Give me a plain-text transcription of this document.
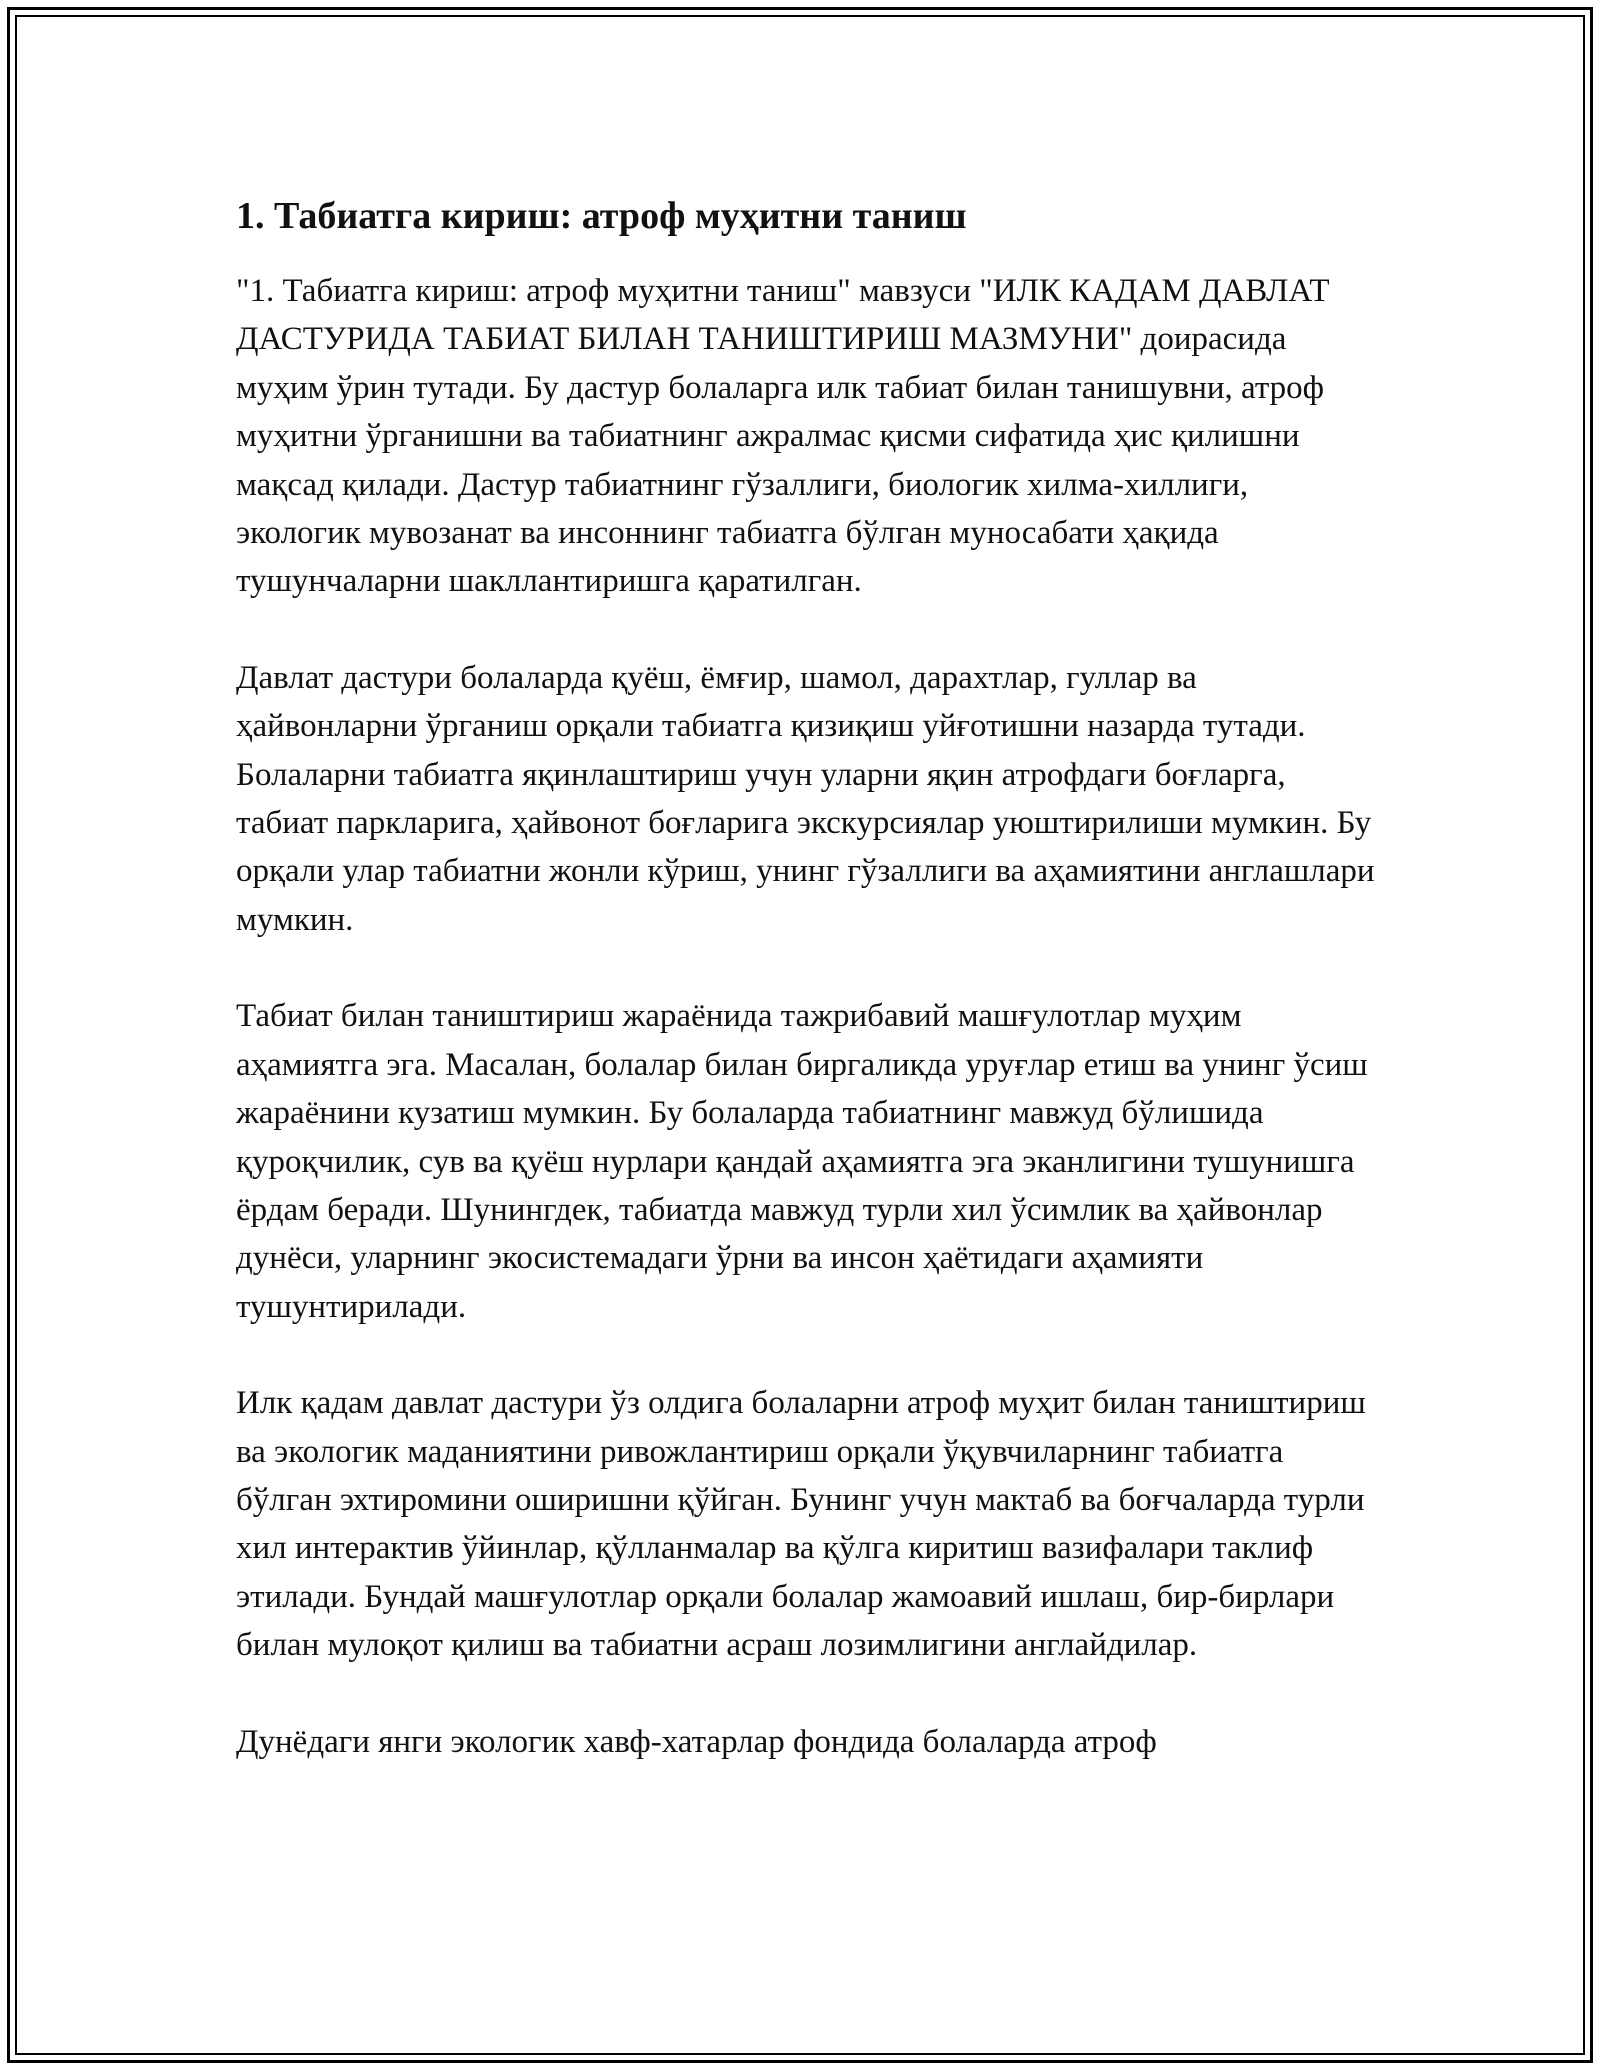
1. Табиатга кириш: атроф муҳитни таниш

"1. Табиатга кириш: атроф муҳитни таниш" мавзуси "ИЛК КАДАМ ДАВЛАТ ДАСТУРИДА ТАБИАТ БИЛАН ТАНИШТИРИШ МАЗМУНИ" доирасида муҳим ўрин тутади. Бу дастур болаларга илк табиат билан танишувни, атроф муҳитни ўрганишни ва табиатнинг ажралмас қисми сифатида ҳис қилишни мақсад қилади. Дастур табиатнинг гўзаллиги, биологик хилма-хиллиги, экологик мувозанат ва инсоннинг табиатга бўлган муносабати ҳақида тушунчаларни шакллантиришга қаратилган.

Давлат дастури болаларда қуёш, ёмғир, шамол, дарахтлар, гуллар ва ҳайвонларни ўрганиш орқали табиатга қизиқиш уйғотишни назарда тутади. Болаларни табиатга яқинлаштириш учун уларни яқин атрофдаги боғларга, табиат паркларига, ҳайвонот боғларига экскурсиялар уюштирилиши мумкин. Бу орқали улар табиатни жонли кўриш, унинг гўзаллиги ва аҳамиятини англашлари мумкин.

Табиат билан таништириш жараёнида тажрибавий машғулотлар муҳим аҳамиятга эга. Масалан, болалар билан биргаликда уруғлар етиш ва унинг ўсиш жараёнини кузатиш мумкин. Бу болаларда табиатнинг мавжуд бўлишида қуроқчилик, сув ва қуёш нурлари қандай аҳамиятга эга эканлигини тушунишга ёрдам беради. Шунингдек, табиатда мавжуд турли хил ўсимлик ва ҳайвонлар дунёси, уларнинг экосистемадаги ўрни ва инсон ҳаётидаги аҳамияти тушунтирилади.

Илк қадам давлат дастури ўз олдига болаларни атроф муҳит билан таништириш ва экологик маданиятини ривожлантириш орқали ўқувчиларнинг табиатга бўлган эхтиромини оширишни қўйган. Бунинг учун мактаб ва боғчаларда турли хил интерактив ўйинлар, қўлланмалар ва қўлга киритиш вазифалари таклиф этилади. Бундай машғулотлар орқали болалар жамоавий ишлаш, бир-бирлари билан мулоқот қилиш ва табиатни асраш лозимлигини англайдилар.

Дунёдаги янги экологик хавф-хатарлар фондида болаларда атроф
